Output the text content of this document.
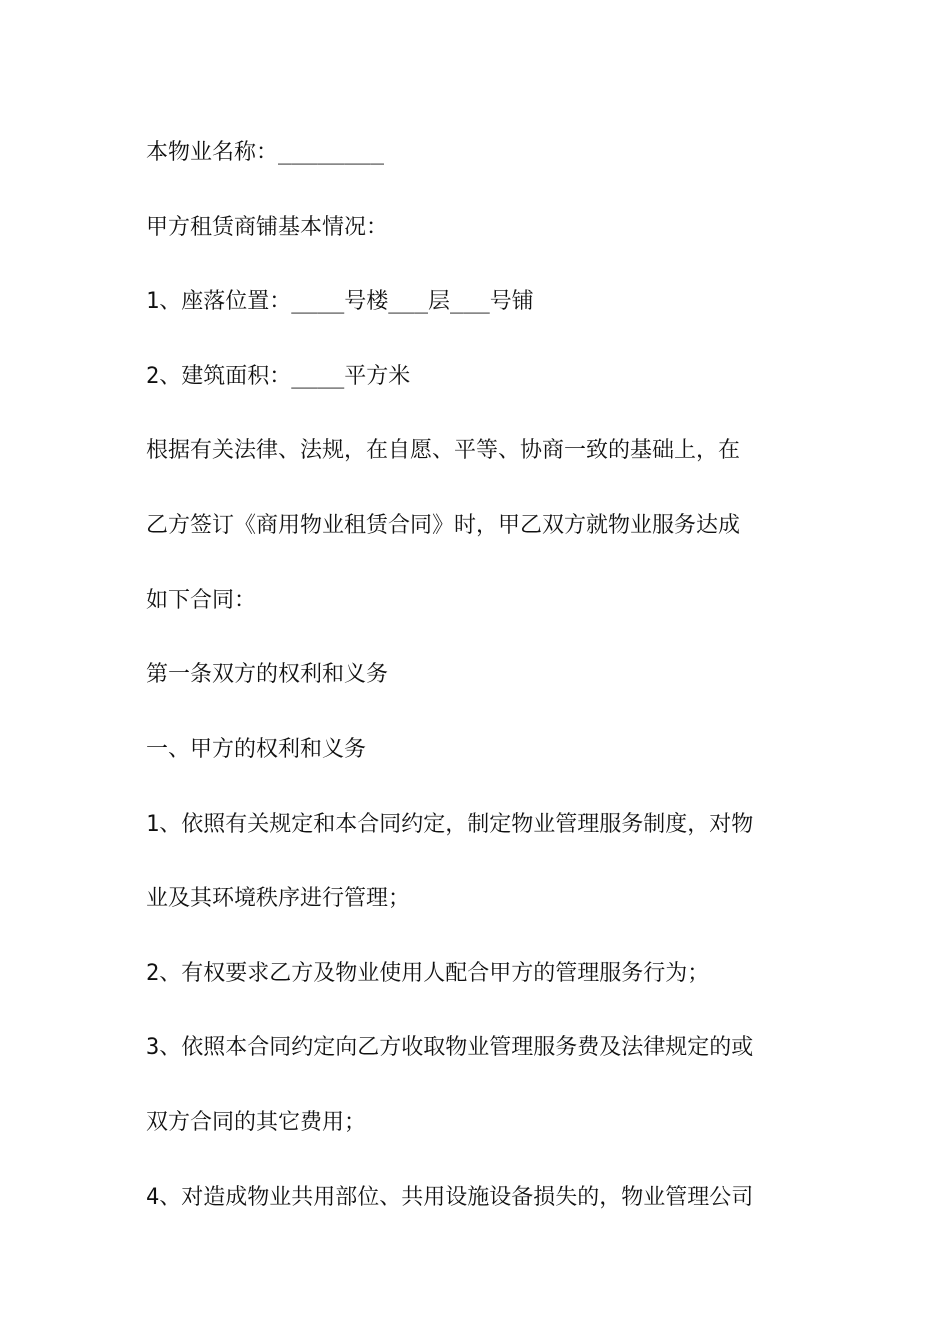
本物业名称：________
甲方租赁商铺基本情况：
1、座落位置：____号楼___层___号铺
2、建筑面积：____平方米
根据有关法律、法规，在自愿、平等、协商一致的基础上，在
乙方签订《商用物业租赁合同》时，甲乙双方就物业服务达成
如下合同：
第一条双方的权利和义务
一、甲方的权利和义务
1、依照有关规定和本合同约定，制定物业管理服务制度，对物
业及其环境秩序进行管理；
2、有权要求乙方及物业使用人配合甲方的管理服务行为；
3、依照本合同约定向乙方收取物业管理服务费及法律规定的或
双方合同的其它费用；
4、对造成物业共用部位、共用设施设备损失的，物业管理公司
